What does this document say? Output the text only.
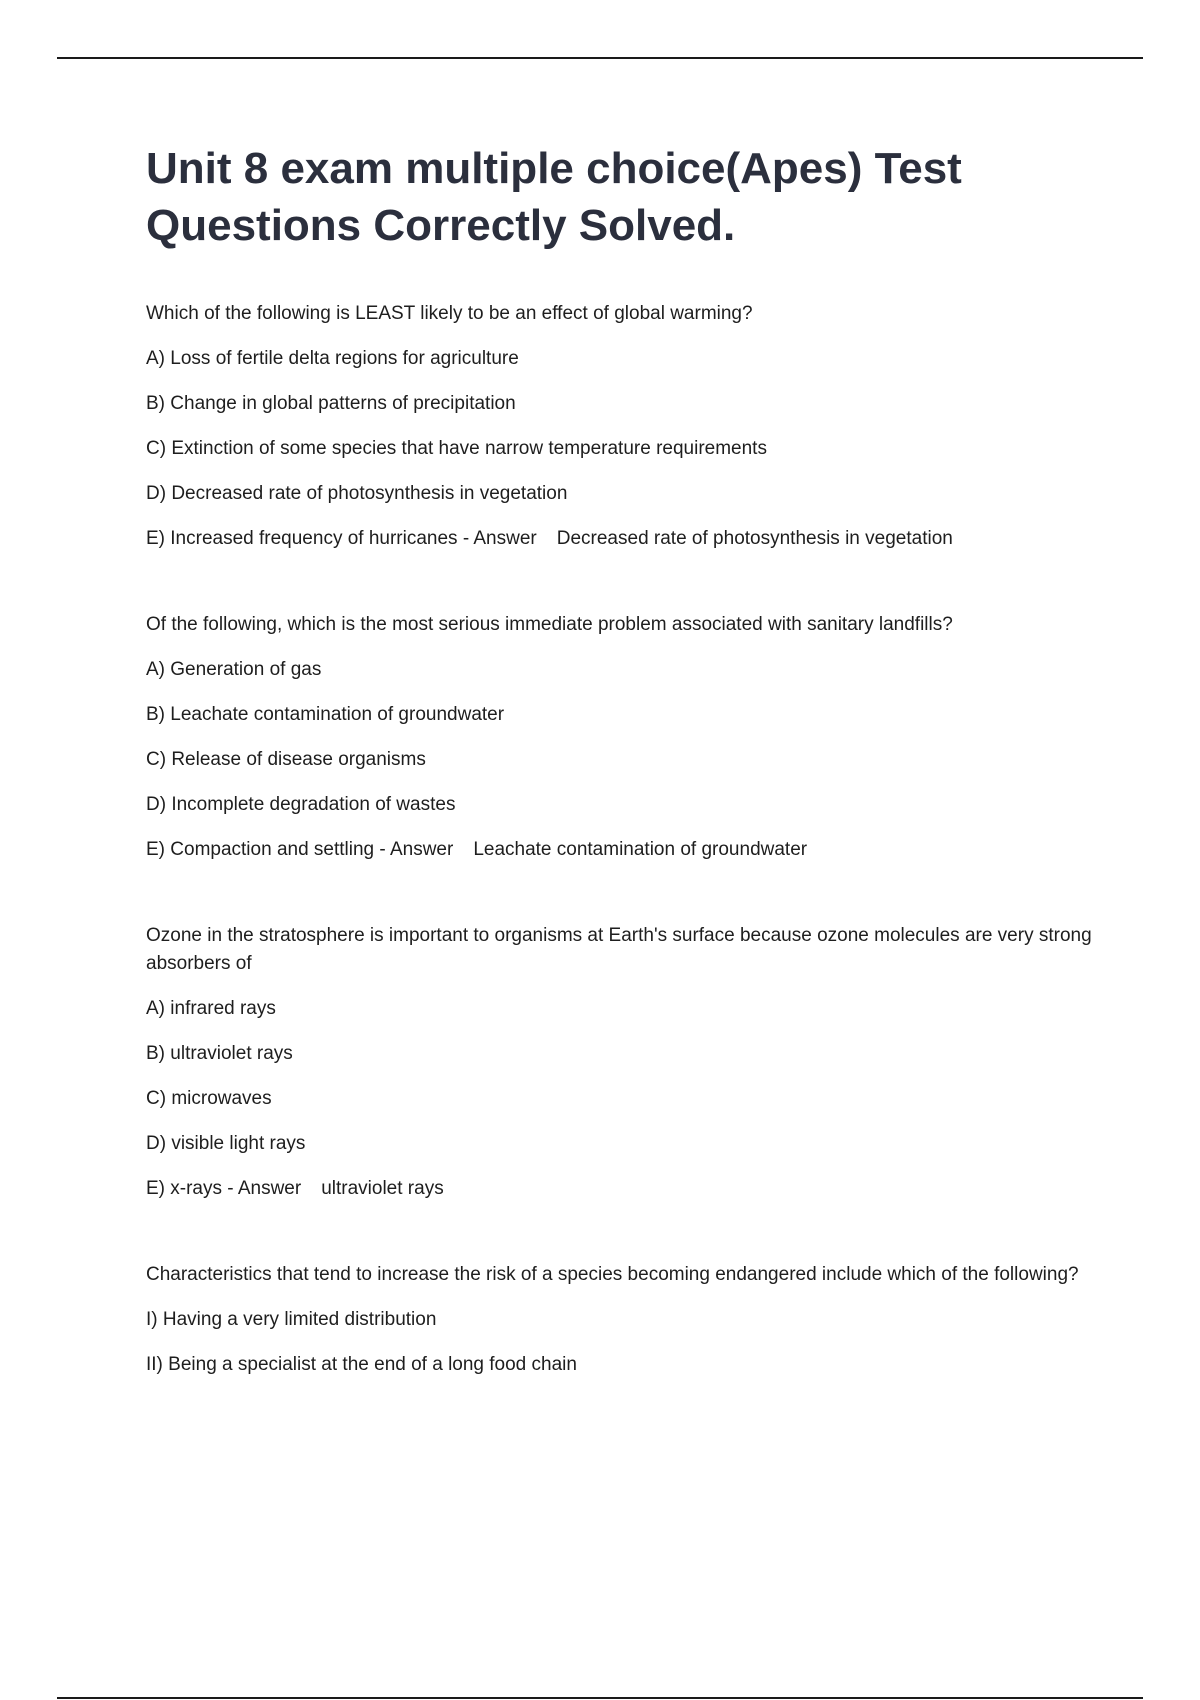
Unit 8 exam multiple choice(Apes) Test Questions Correctly Solved.

Which of the following is LEAST likely to be an effect of global warming?

A) Loss of fertile delta regions for agriculture

B) Change in global patterns of precipitation

C) Extinction of some species that have narrow temperature requirements

D) Decreased rate of photosynthesis in vegetation

E) Increased frequency of hurricanes - Answer Decreased rate of photosynthesis in vegetation

Of the following, which is the most serious immediate problem associated with sanitary landfills?

A) Generation of gas

B) Leachate contamination of groundwater

C) Release of disease organisms

D) Incomplete degradation of wastes

E) Compaction and settling - Answer Leachate contamination of groundwater

Ozone in the stratosphere is important to organisms at Earth's surface because ozone molecules are very strong absorbers of

A) infrared rays

B) ultraviolet rays

C) microwaves

D) visible light rays

E) x-rays - Answer ultraviolet rays

Characteristics that tend to increase the risk of a species becoming endangered include which of the following?

I) Having a very limited distribution

II) Being a specialist at the end of a long food chain
